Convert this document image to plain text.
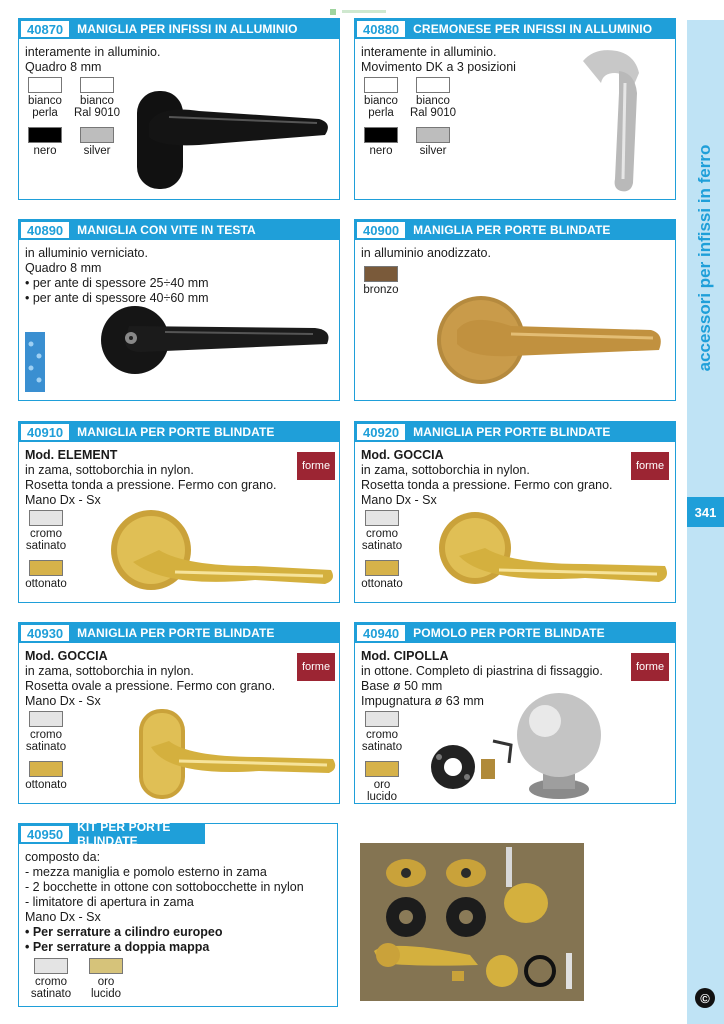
accessori per infissi in ferro
341
©
40870	MANIGLIA PER INFISSI IN ALLUMINIO

interamente in alluminio.

Quadro 8 mm

bianco
perla
bianco
Ral 9010
nero	silver
40880	CREMONESE PER INFISSI IN ALLUMINIO

interamente in alluminio.

Movimento DK a 3 posizioni

bianco
perla
bianco
Ral 9010
nero	silver
40890	MANIGLIA CON VITE IN TESTA

in alluminio verniciato.

Quadro 8 mm

• per ante di spessore 25÷40 mm

• per ante di spessore 40÷60 mm

40900	MANIGLIA PER PORTE BLINDATE

in alluminio anodizzato.

bronzo
40910	MANIGLIA PER PORTE BLINDATE

Mod. ELEMENT

in zama, sottoborchia in nylon.

Rosetta tonda a pressione. Fermo con grano.

Mano Dx - Sx

forme
cromo
satinato
ottonato
40920	MANIGLIA PER PORTE BLINDATE

Mod. GOCCIA

in zama, sottoborchia in nylon.

Rosetta tonda a pressione. Fermo con grano.

Mano Dx - Sx

forme
cromo
satinato
ottonato
40930	MANIGLIA PER PORTE BLINDATE

Mod. GOCCIA

in zama, sottoborchia in nylon.

Rosetta ovale a pressione. Fermo con grano.

Mano Dx - Sx

forme
cromo
satinato
ottonato
40940	POMOLO PER PORTE BLINDATE

Mod. CIPOLLA

in ottone. Completo di piastrina di fissaggio.

Base ø 50 mm

Impugnatura ø 63 mm

forme
cromo
satinato
oro
lucido
40950	KIT PER PORTE BLINDATE

composto da:

- mezza maniglia e pomolo esterno in zama

- 2 bocchette in ottone con sottobocchette in nylon

- limitatore di apertura in zama

Mano Dx - Sx

• Per serrature a cilindro europeo

• Per serrature a doppia mappa

cromo
satinato
oro
lucido
